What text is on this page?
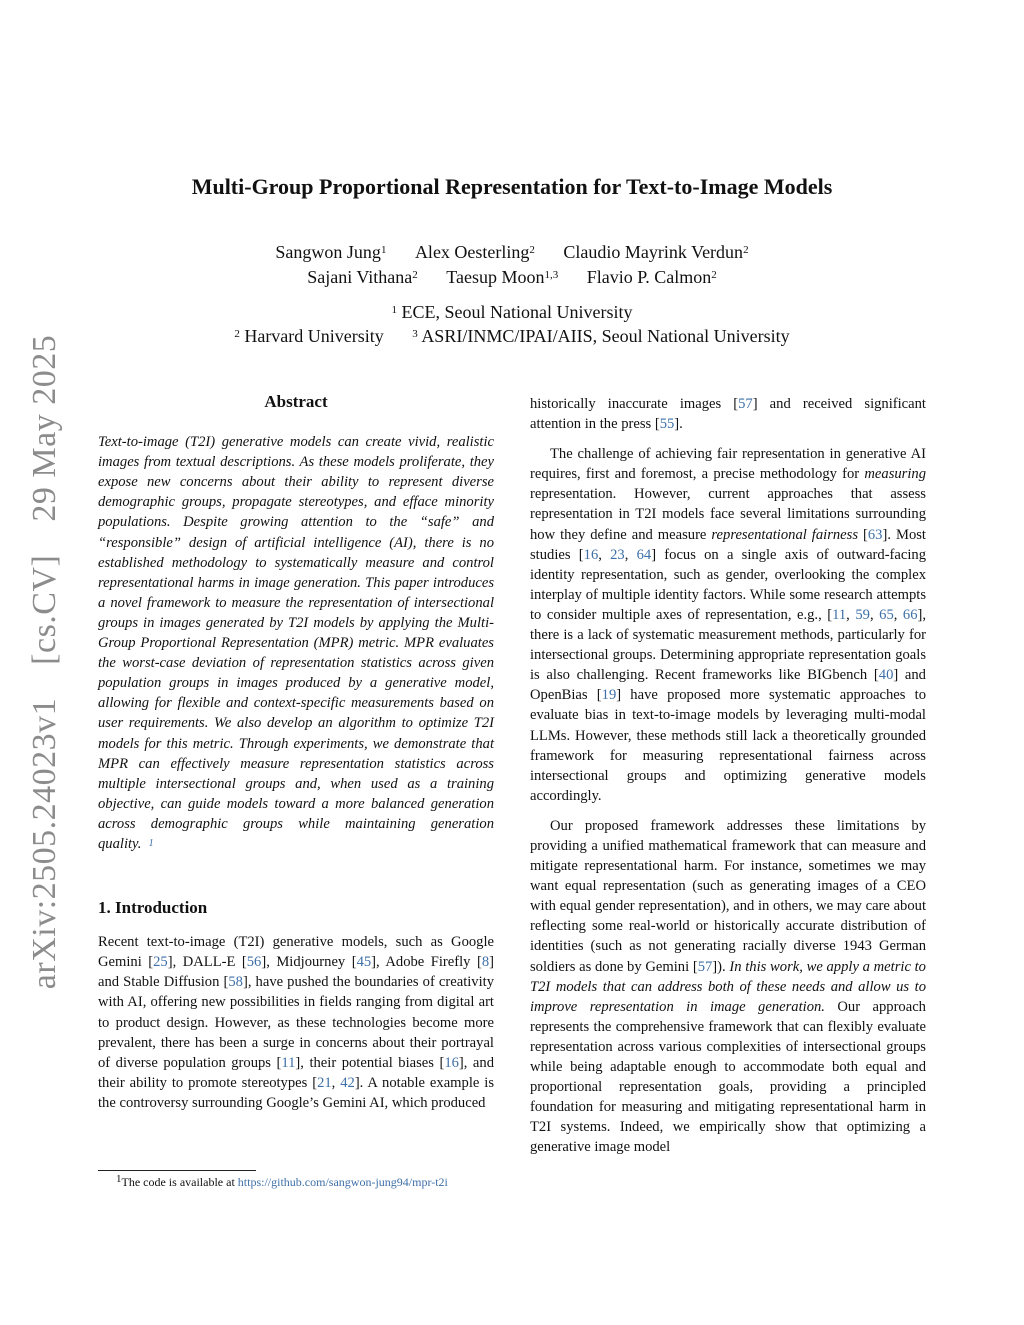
arXiv:2505.24023v1 [cs.CV] 29 May 2025
Multi-Group Proportional Representation for Text-to-Image Models
Sangwon Jung$^1$ Alex Oesterling$^2$ Claudio Mayrink Verdun$^2$
Sajani Vithana$^2$ Taesup Moon$^{1,3}$ Flavio P. Calmon$^2$
$^1$ ECE, Seoul National University
$^2$ Harvard University	$^3$ ASRI/INMC/IPAI/AIIS, Seoul National University
Abstract

Text-to-image (T2I) generative models can create vivid, realistic images from textual descriptions. As these models proliferate, they expose new concerns about their ability to represent diverse demographic groups, propagate stereotypes, and efface minority populations. Despite growing attention to the “safe” and “responsible” design of artificial intelligence (AI), there is no established methodology to systematically measure and control representational harms in image generation. This paper introduces a novel framework to measure the representation of intersectional groups in images generated by T2I models by applying the Multi-Group Proportional Representation (MPR) metric. MPR evaluates the worst-case deviation of representation statistics across given population groups in images produced by a generative model, allowing for flexible and context-specific measurements based on user requirements. We also develop an algorithm to optimize T2I models for this metric. Through experiments, we demonstrate that MPR can effectively measure representation statistics across multiple intersectional groups and, when used as a training objective, can guide models toward a more balanced generation across demographic groups while maintaining generation quality. $^1$

1. Introduction

Recent text-to-image (T2I) generative models, such as Google Gemini [25], DALL-E [56], Midjourney [45], Adobe Firefly [8] and Stable Diffusion [58], have pushed the boundaries of creativity with AI, offering new possibilities in fields ranging from digital art to product design. However, as these technologies become more prevalent, there has been a surge in concerns about their portrayal of diverse population groups [11], their potential biases [16], and their ability to promote stereotypes [21, 42]. A notable example is the controversy surrounding Google’s Gemini AI, which produced

historically inaccurate images [57] and received significant attention in the press [55].

The challenge of achieving fair representation in generative AI requires, first and foremost, a precise methodology for measuring representation. However, current approaches that assess representation in T2I models face several limitations surrounding how they define and measure representational fairness [63]. Most studies [16, 23, 64] focus on a single axis of outward-facing identity representation, such as gender, overlooking the complex interplay of multiple identity factors. While some research attempts to consider multiple axes of representation, e.g., [11, 59, 65, 66], there is a lack of systematic measurement methods, particularly for intersectional groups. Determining appropriate representation goals is also challenging. Recent frameworks like BIGbench [40] and OpenBias [19] have proposed more systematic approaches to evaluate bias in text-to-image models by leveraging multi-modal LLMs. However, these methods still lack a theoretically grounded framework for measuring representational fairness across intersectional groups and optimizing generative models accordingly.

Our proposed framework addresses these limitations by providing a unified mathematical framework that can measure and mitigate representational harm. For instance, sometimes we may want equal representation (such as generating images of a CEO with equal gender representation), and in others, we may care about reflecting some real-world or historically accurate distribution of identities (such as not generating racially diverse 1943 German soldiers as done by Gemini [57]). In this work, we apply a metric to T2I models that can address both of these needs and allow us to improve representation in image generation. Our approach represents the comprehensive framework that can flexibly evaluate representation across various complexities of intersectional groups while being adaptable enough to accommodate both equal and proportional representation goals, providing a principled foundation for measuring and mitigating representational harm in T2I systems. Indeed, we empirically show that optimizing a generative image model

$^1$The code is available at https://github.com/sangwon-jung94/mpr-t2i
